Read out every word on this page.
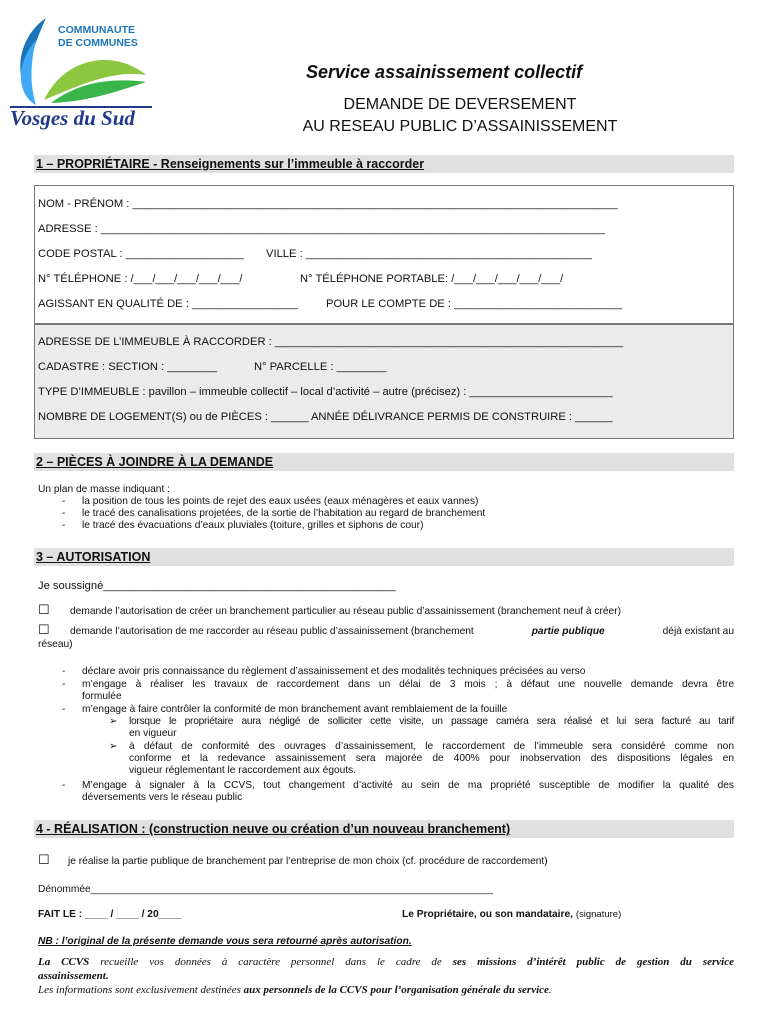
COMMUNAUTE
DE COMMUNES
Vosges du Sud
Service assainissement collectif
DEMANDE DE DEVERSEMENT
AU RESEAU PUBLIC D’ASSAINISSEMENT
1 – PROPRIÉTAIRE - Renseignements sur l’immeuble à raccorder
NOM - PRÉNOM : ______________________________________________________________________________
ADRESSE : _________________________________________________________________________________
CODE POSTAL : ___________________ VILLE : ______________________________________________
N° TÉLÉPHONE : /___/___/___/___/___/	N° TÉLÉPHONE PORTABLE: /___/___/___/___/___/
AGISSANT EN QUALITÉ DE : _________________	POUR LE COMPTE DE : ___________________________
ADRESSE DE L’IMMEUBLE À RACCORDER : ________________________________________________________
CADASTRE : SECTION : ________	N° PARCELLE : ________
TYPE D’IMMEUBLE : pavillon – immeuble collectif – local d’activité – autre (précisez) : _______________________
NOMBRE DE LOGEMENT(S) ou de PIÈCES : ______ ANNÉE DÉLIVRANCE PERMIS DE CONSTRUIRE : ______
2 – PIÈCES À JOINDRE À LA DEMANDE
Un plan de masse indiquant :
-	la position de tous les points de rejet des eaux usées (eaux ménagères et eaux vannes)
-	le tracé des canalisations projetées, de la sortie de l’habitation au regard de branchement
-	le tracé des évacuations d’eaux pluviales (toiture, grilles et siphons de cour)
3 – AUTORISATION
Je soussigné_______________________________________________
☐ demande l’autorisation de créer un branchement particulier au réseau public d’assainissement (branchement neuf à créer)
☐ demande l’autorisation de me raccorder au réseau public d’assainissement (branchement	partie publique	déjà existant au
réseau)
-	déclare avoir pris connaissance du règlement d’assainissement et des modalités techniques précisées au verso
-	m’engage à réaliser les travaux de raccordement dans un délai de 3 mois ; à défaut une nouvelle demande devra être
formulée
-	m’engage à faire contrôler la conformité de mon branchement avant remblaiement de la fouille
➢ lorsque le propriétaire aura négligé de solliciter cette visite, un passage caméra sera réalisé et lui sera facturé au tarif
en vigueur
➢ à défaut de conformité des ouvrages d’assainissement, le raccordement de l’immeuble sera considéré comme non
conforme et la redevance assainissement sera majorée de 400% pour inobservation des dispositions légales en
vigueur réglementant le raccordement aux égouts.
-	M’engage à signaler à la CCVS, tout changement d’activité au sein de ma propriété susceptible de modifier la qualité des
déversements vers le réseau public
4 - RÉALISATION : (construction neuve ou création d’un nouveau branchement)
☐ je réalise la partie publique de branchement par l’entreprise de mon choix (cf. procédure de raccordement)
Dénommée_______________________________________________________________________
FAIT LE : ____ / ____ / 20____	Le Propriétaire, ou son mandataire, (signature)
NB : l’original de la présente demande vous sera retourné après autorisation.
La CCVS recueille vos données à caractère personnel dans le cadre de ses missions d’intérêt public de gestion du service
assainissement.
Les informations sont exclusivement destinées aux personnels de la CCVS pour l’organisation générale du service.
